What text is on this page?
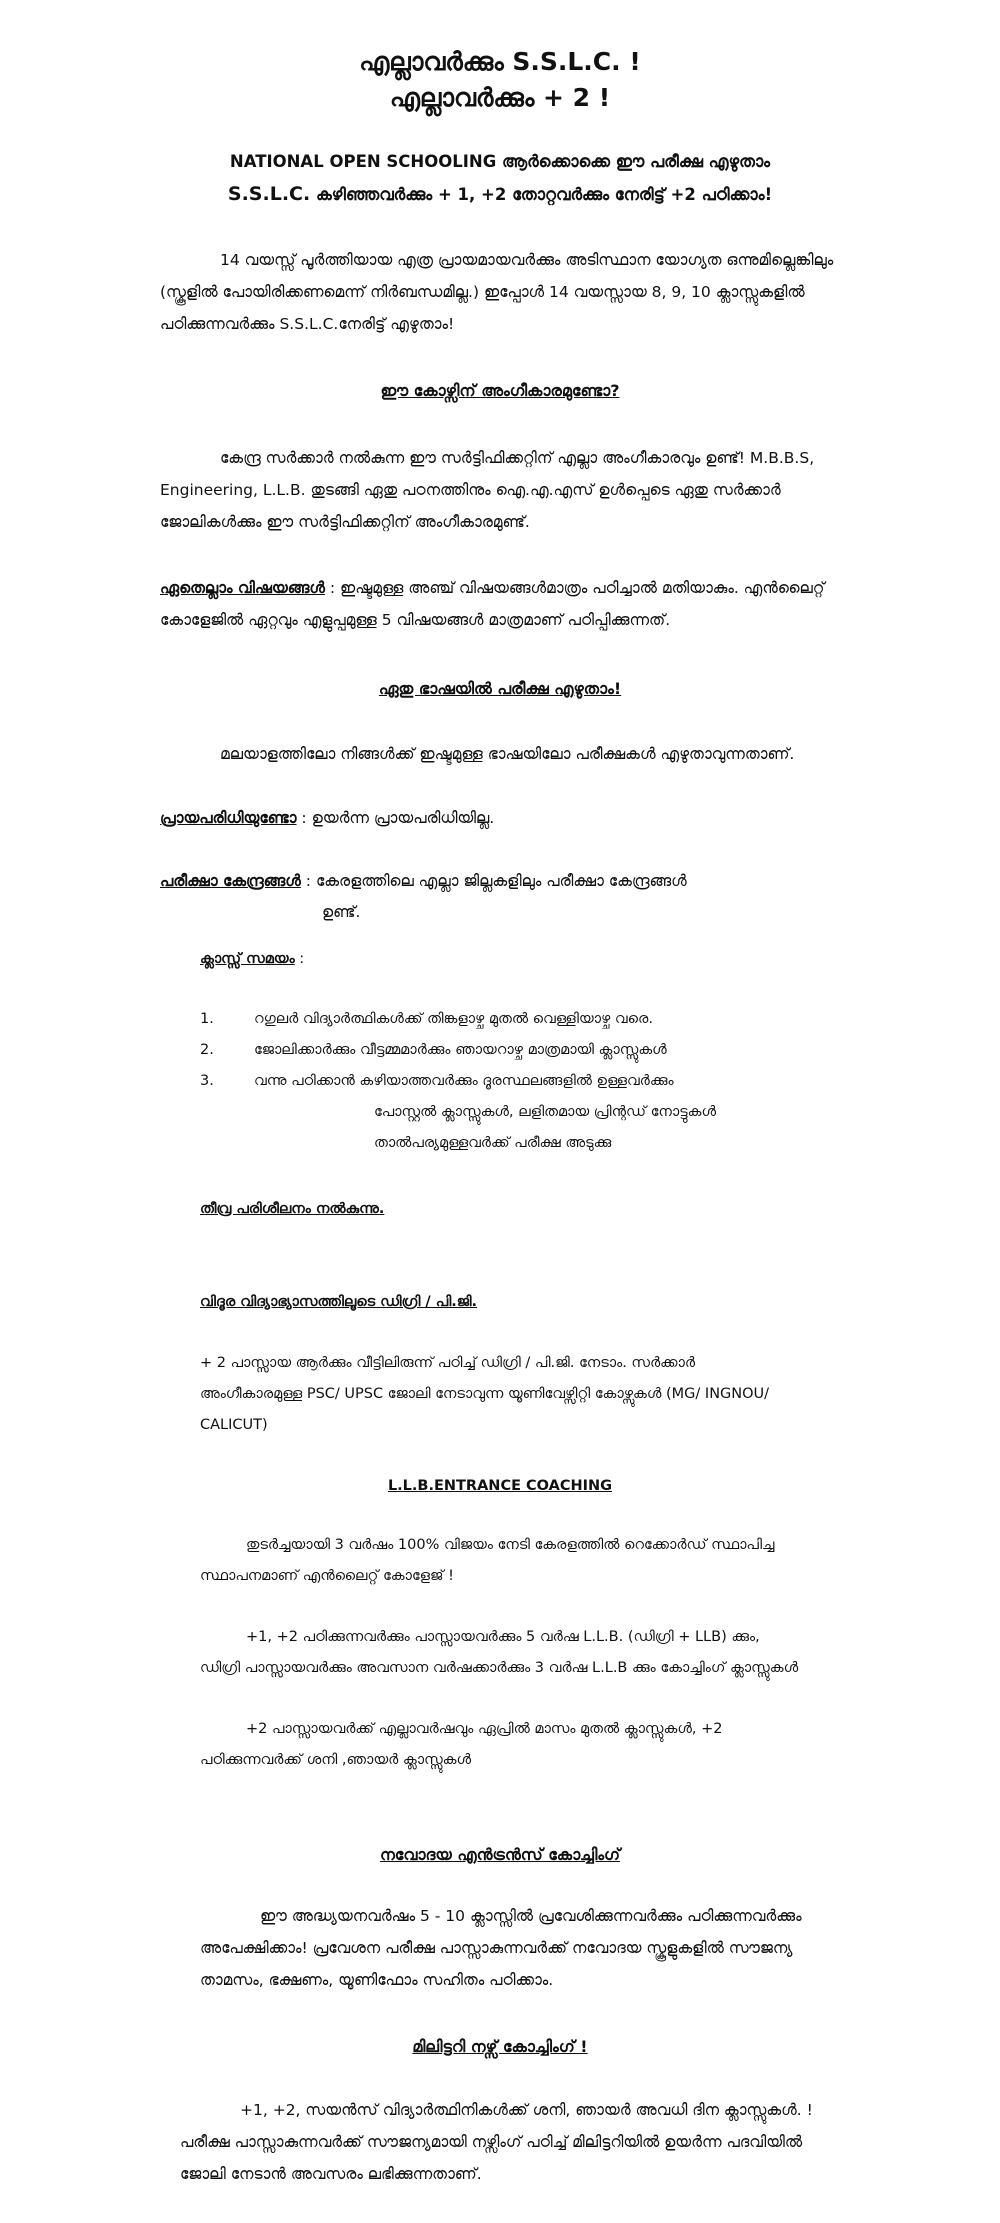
എല്ലാവർക്കും S.S.L.C. !
എല്ലാവർക്കും + 2 !
NATIONAL OPEN SCHOOLING ആർക്കൊക്കെ ഈ പരീക്ഷ എഴുതാം
S.S.L.C. കഴിഞ്ഞവർക്കും + 1, +2 തോറ്റവർക്കും നേരിട്ട് +2 പഠിക്കാം!

14 വയസ്സ് പൂർത്തിയായ എത്ര പ്രായമായവർക്കും അടിസ്ഥാന യോഗ്യത ഒന്നുമില്ലെങ്കിലും (സ്കൂളിൽ പോയിരിക്കണമെന്ന് നിർബന്ധമില്ല.) ഇപ്പോൾ 14 വയസ്സായ 8, 9, 10 ക്ലാസ്സുകളിൽ പഠിക്കുന്നവർക്കും S.S.L.C.നേരിട്ട് എഴുതാം!

ഈ കോഴ്സിന് അംഗീകാരമുണ്ടോ?

കേന്ദ്ര സർക്കാർ നൽകുന്ന ഈ സർട്ടിഫിക്കറ്റിന് എല്ലാ അംഗീകാരവും ഉണ്ട്! M.B.B.S, Engineering, L.L.B. തുടങ്ങി ഏതു പഠനത്തിനും ഐ.എ.എസ് ഉൾപ്പെടെ ഏതു സർക്കാർ ജോലികൾക്കും ഈ സർട്ടിഫിക്കറ്റിന് അംഗീകാരമുണ്ട്.

ഏതെല്ലാം വിഷയങ്ങൾ : ഇഷ്ടമുള്ള അഞ്ച് വിഷയങ്ങൾമാത്രം പഠിച്ചാൽ മതിയാകും. എൻലൈറ്റ് കോളേജിൽ ഏറ്റവും എളുപ്പമുള്ള 5 വിഷയങ്ങൾ മാത്രമാണ് പഠിപ്പിക്കുന്നത്.

ഏതു ഭാഷയിൽ പരീക്ഷ എഴുതാം!

മലയാളത്തിലോ നിങ്ങൾക്ക് ഇഷ്ടമുള്ള ഭാഷയിലോ പരീക്ഷകൾ എഴുതാവുന്നതാണ്.

പ്രായപരിധിയുണ്ടോ : ഉയർന്ന പ്രായപരിധിയില്ല.

പരീക്ഷാ കേന്ദ്രങ്ങൾ : കേരളത്തിലെ എല്ലാ ജില്ലകളിലും പരീക്ഷാ കേന്ദ്രങ്ങൾ
ഉണ്ട്.
ക്ലാസ്സ് സമയം :
1.	റഗുലർ വിദ്യാർത്ഥികൾക്ക് തിങ്കളാഴ്ച മുതൽ വെള്ളിയാഴ്ച വരെ.
2.	ജോലിക്കാർക്കും വീട്ടമ്മമാർക്കും ഞായറാഴ്ച മാത്രമായി ക്ലാസ്സുകൾ
3.	വന്നു പഠിക്കാൻ കഴിയാത്തവർക്കും ദൂരസ്ഥലങ്ങളിൽ ഉള്ളവർക്കും
പോസ്റ്റൽ ക്ലാസ്സുകൾ, ലളിതമായ പ്രിന്റഡ് നോട്ടുകൾ
താൽപര്യമുള്ളവർക്ക് പരീക്ഷ അടുക്കു
തീവ്ര പരിശീലനം നൽകുന്നു.
വിദൂര വിദ്യാഭ്യാസത്തിലൂടെ ഡിഗ്രി / പി.ജി.

+ 2 പാസ്സായ ആർക്കും വീട്ടിലിരുന്ന് പഠിച്ച് ഡിഗ്രി / പി.ജി. നേടാം. സർക്കാർ അംഗീകാരമുള്ള PSC/ UPSC ജോലി നേടാവുന്ന യൂണിവേഴ്സിറ്റി കോഴ്സുകൾ (MG/ INGNOU/ CALICUT)

L.L.B.ENTRANCE COACHING

തുടർച്ചയായി 3 വർഷം 100% വിജയം നേടി കേരളത്തിൽ റെക്കോർഡ് സ്ഥാപിച്ച സ്ഥാപനമാണ് എൻലൈറ്റ് കോളേജ് !

+1, +2 പഠിക്കുന്നവർക്കും പാസ്സായവർക്കും 5 വർഷ L.L.B. (ഡിഗ്രി + LLB) ക്കും, ഡിഗ്രി പാസ്സായവർക്കും അവസാന വർഷക്കാർക്കും 3 വർഷ L.L.B ക്കും കോച്ചിംഗ് ക്ലാസ്സുകൾ

+2 പാസ്സായവർക്ക് എല്ലാവർഷവും ഏപ്രിൽ മാസം മുതൽ ക്ലാസ്സുകൾ, +2 പഠിക്കുന്നവർക്ക് ശനി ,ഞായർ ക്ലാസ്സുകൾ

നവോദയ എൻട്രൻസ് കോച്ചിംഗ്

ഈ അദ്ധ്യയനവർഷം 5 - 10 ക്ലാസ്സിൽ പ്രവേശിക്കുന്നവർക്കും പഠിക്കുന്നവർക്കും അപേക്ഷിക്കാം! പ്രവേശന പരീക്ഷ പാസ്സാകുന്നവർക്ക് നവോദയ സ്കൂളുകളിൽ സൗജന്യ താമസം, ഭക്ഷണം, യൂണിഫോം സഹിതം പഠിക്കാം.

മിലിട്ടറി നഴ്സ് കോച്ചിംഗ് !

+1, +2, സയൻസ് വിദ്യാർത്ഥിനികൾക്ക് ശനി, ഞായർ അവധി ദിന ക്ലാസ്സുകൾ. ! പരീക്ഷ പാസ്സാകുന്നവർക്ക് സൗജന്യമായി നഴ്സിംഗ് പഠിച്ച് മിലിട്ടറിയിൽ ഉയർന്ന പദവിയിൽ ജോലി നേടാൻ അവസരം ലഭിക്കുന്നതാണ്.
